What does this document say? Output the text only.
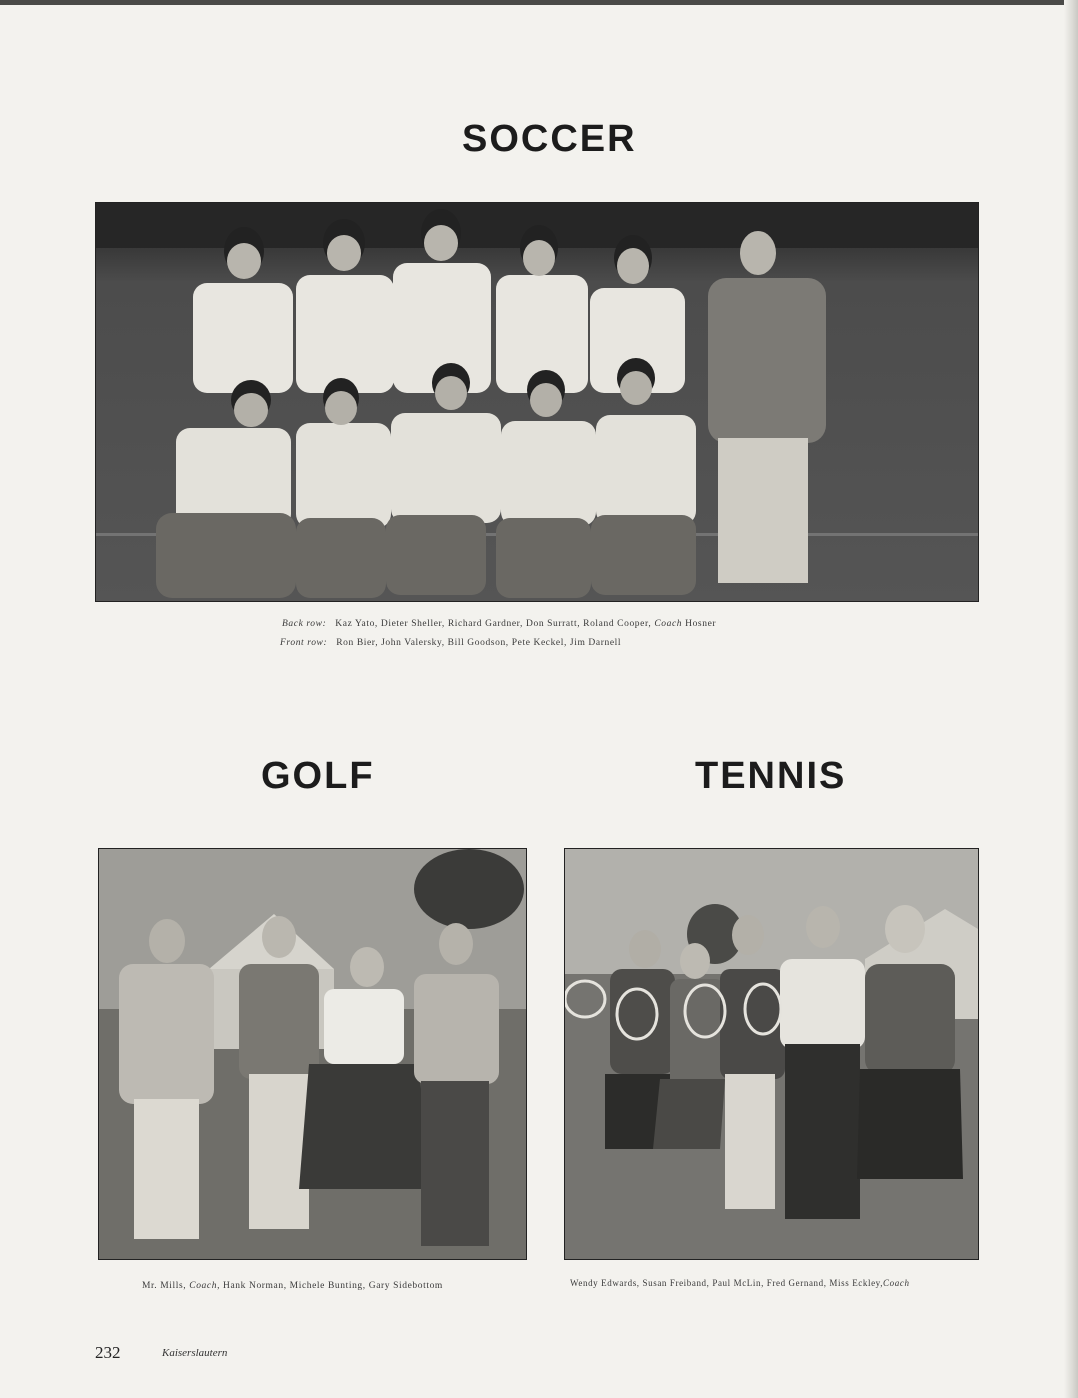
SOCCER
Back row: Kaz Yato, Dieter Sheller, Richard Gardner, Don Surratt, Roland Cooper, Coach Hosner
Front row: Ron Bier, John Valersky, Bill Goodson, Pete Keckel, Jim Darnell
GOLF
Mr. Mills, Coach, Hank Norman, Michele Bunting, Gary Sidebottom
TENNIS
Wendy Edwards, Susan Freiband, Paul McLin, Fred Gernand, Miss Eckley,Coach
232	Kaiserslautern
